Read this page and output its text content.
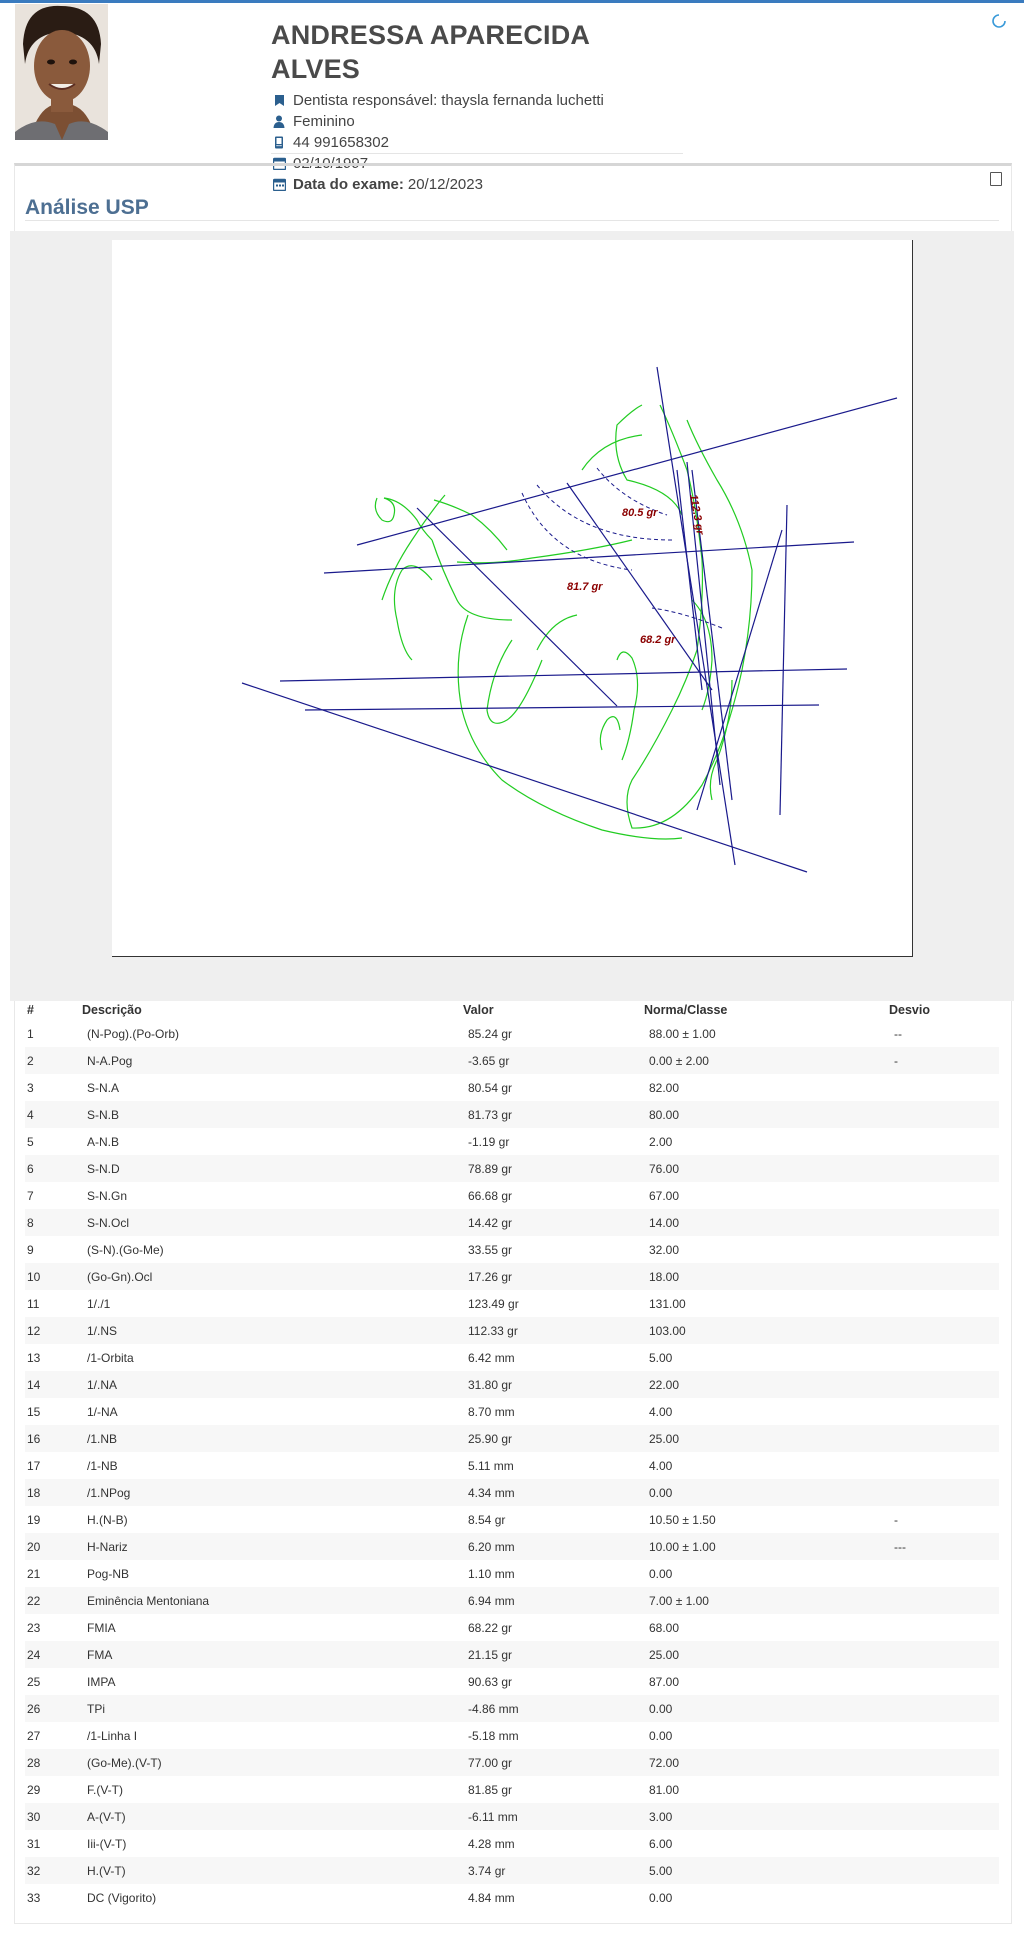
ANDRESSA APARECIDA ALVES
Dentista responsável: thaysla fernanda luchetti
Feminino
44 991658302
02/10/1997
Data do exame: 20/12/2023
Análise USP
80.5 gr	112.3 gr
81.7 gr
68.2 gr
#	Descrição	Valor	Norma/Classe	Desvio
1	(N-Pog).(Po-Orb)	85.24 gr	88.00 ± 1.00	--
2	N-A.Pog	-3.65 gr	0.00 ± 2.00	-
3	S-N.A	80.54 gr	82.00	
4	S-N.B	81.73 gr	80.00	
5	A-N.B	-1.19 gr	2.00	
6	S-N.D	78.89 gr	76.00	
7	S-N.Gn	66.68 gr	67.00	
8	S-N.Ocl	14.42 gr	14.00	
9	(S-N).(Go-Me)	33.55 gr	32.00	
10	(Go-Gn).Ocl	17.26 gr	18.00	
11	1/./1	123.49 gr	131.00	
12	1/.NS	112.33 gr	103.00	
13	/1-Orbita	6.42 mm	5.00	
14	1/.NA	31.80 gr	22.00	
15	1/-NA	8.70 mm	4.00	
16	/1.NB	25.90 gr	25.00	
17	/1-NB	5.11 mm	4.00	
18	/1.NPog	4.34 mm	0.00	
19	H.(N-B)	8.54 gr	10.50 ± 1.50	-
20	H-Nariz	6.20 mm	10.00 ± 1.00	---
21	Pog-NB	1.10 mm	0.00	
22	Eminência Mentoniana	6.94 mm	7.00 ± 1.00	
23	FMIA	68.22 gr	68.00	
24	FMA	21.15 gr	25.00	
25	IMPA	90.63 gr	87.00	
26	TPi	-4.86 mm	0.00	
27	/1-Linha I	-5.18 mm	0.00	
28	(Go-Me).(V-T)	77.00 gr	72.00	
29	F.(V-T)	81.85 gr	81.00	
30	A-(V-T)	-6.11 mm	3.00	
31	Iii-(V-T)	4.28 mm	6.00	
32	H.(V-T)	3.74 gr	5.00	
33	DC (Vigorito)	4.84 mm	0.00	
